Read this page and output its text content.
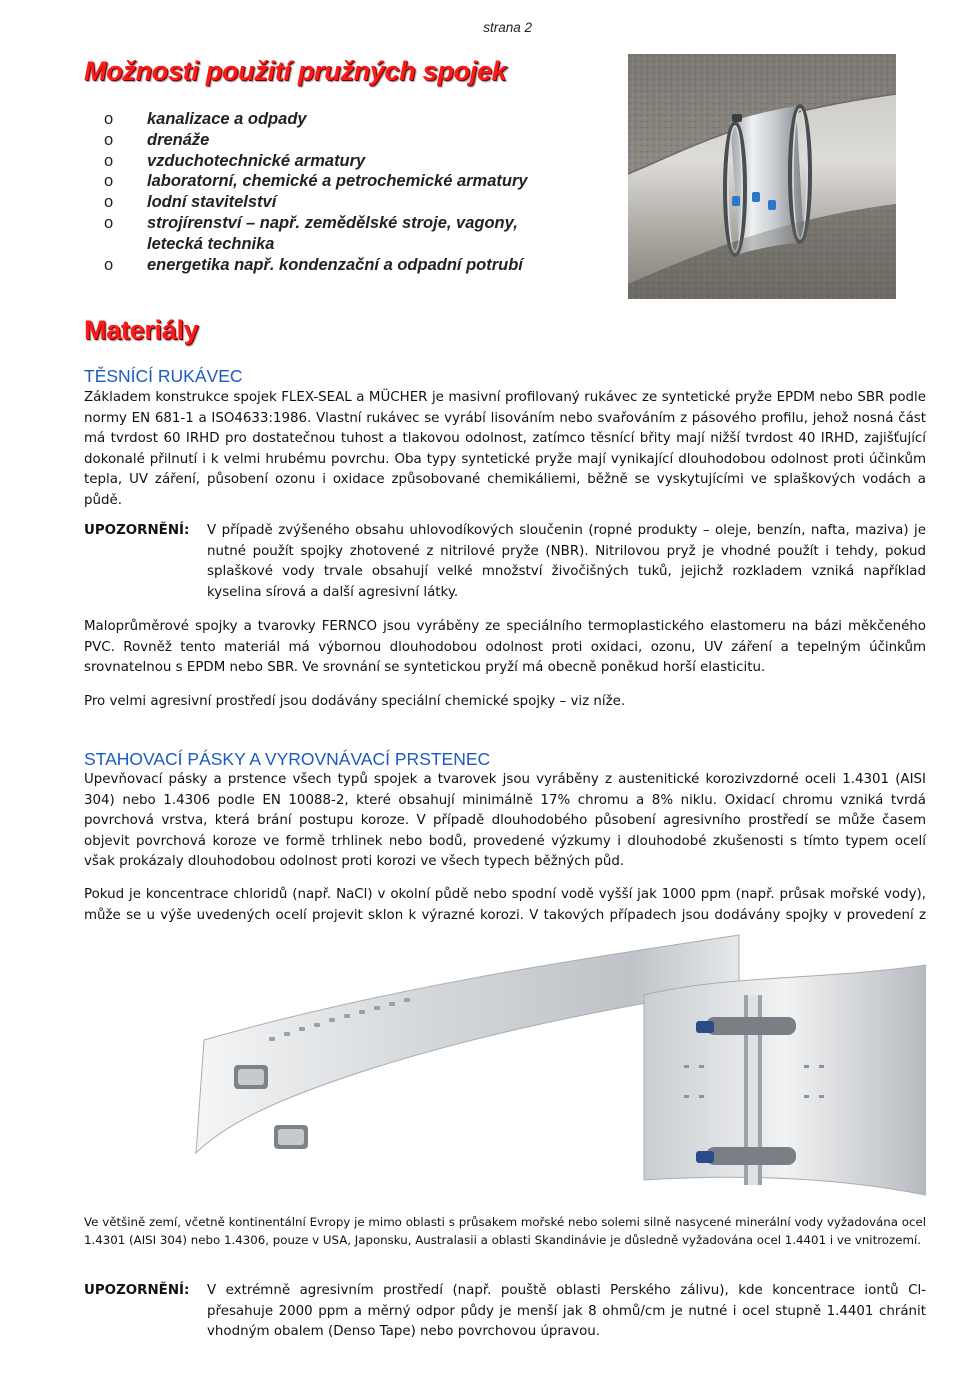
strana 2
Možnosti použití pružných spojek
o kanalizace a odpady
o drenáže
o vzduchotechnické armatury
o laboratorní, chemické a petrochemické armatury
o lodní stavitelství
o strojírenství – např. zemědělské stroje, vagony,
letecká technika
o energetika např. kondenzační a odpadní potrubí
Materiály
TĚSNÍCÍ RUKÁVEC
Základem konstrukce spojek FLEX-SEAL a MÜCHER je masivní profilovaný rukávec ze syntetické pryže EPDM nebo SBR podle normy EN 681-1 a ISO4633:1986. Vlastní rukávec se vyrábí lisováním nebo svařováním z pásového profilu, jehož nosná část má tvrdost 60 IRHD pro dostatečnou tuhost a tlakovou odolnost, zatímco těsnící břity mají nižší tvrdost 40 IRHD, zajišťující dokonalé přilnutí i k velmi hrubému povrchu. Oba typy syntetické pryže mají vynikající dlouhodobou odolnost proti účinkům tepla, UV záření, působení ozonu i oxidace způsobované chemikáliemi, běžně se vyskytujícími ve splaškových vodách a půdě.
UPOZORNĚNÍ: V případě zvýšeného obsahu uhlovodíkových sloučenin (ropné produkty – oleje, benzín, nafta, maziva) je nutné použít spojky zhotovené z nitrilové pryže (NBR). Nitrilovou pryž je vhodné použít i tehdy, pokud splaškové vody trvale obsahují velké množství živočišných tuků, jejichž rozkladem vzniká například kyselina sírová a další agresivní látky.
Maloprůměrové spojky a tvarovky FERNCO jsou vyráběny ze speciálního termoplastického elastomeru na bázi měkčeného PVC. Rovněž tento materiál má výbornou dlouhodobou odolnost proti oxidaci, ozonu, UV záření a tepelným účinkům srovnatelnou s EPDM nebo SBR. Ve srovnání se syntetickou pryží má obecně poněkud horší elasticitu.
Pro velmi agresivní prostředí jsou dodávány speciální chemické spojky – viz níže.
STAHOVACÍ PÁSKY A VYROVNÁVACÍ PRSTENEC
Upevňovací pásky a prstence všech typů spojek a tvarovek jsou vyráběny z austenitické korozivzdorné oceli 1.4301 (AISI 304) nebo 1.4306 podle EN 10088-2, které obsahují minimálně 17% chromu a 8% niklu. Oxidací chromu vzniká tvrdá povrchová vrstva, která brání postupu koroze. V případě dlouhodobého působení agresivního prostředí se může časem objevit povrchová koroze ve formě trhlinek nebo bodů, provedené výzkumy i dlouhodobé zkušenosti s tímto typem ocelí však prokázaly dlouhodobou odolnost proti korozi ve všech typech běžných půd.
Pokud je koncentrace chloridů (např. NaCl) v okolní půdě nebo spodní vodě vyšší jak 1000 ppm (např. průsak mořské vody), může se u výše uvedených ocelí projevit sklon k výrazné korozi. V takových případech jsou dodávány spojky v provedení z
Ve většině zemí, včetně kontinentální Evropy je mimo oblasti s průsakem mořské nebo solemi silně nasycené minerální vody vyžadována ocel 1.4301 (AISI 304) nebo 1.4306, pouze v USA, Japonsku, Australasii a oblasti Skandinávie je důsledně vyžadována ocel 1.4401 i ve vnitrozemí.
UPOZORNĚNÍ: V extrémně agresivním prostředí (např. pouště oblasti Perského zálivu), kde koncentrace iontů Cl- přesahuje 2000 ppm a měrný odpor půdy je menší jak 8 ohmů/cm je nutné i ocel stupně 1.4401 chránit vhodným obalem (Denso Tape) nebo povrchovou úpravou.
